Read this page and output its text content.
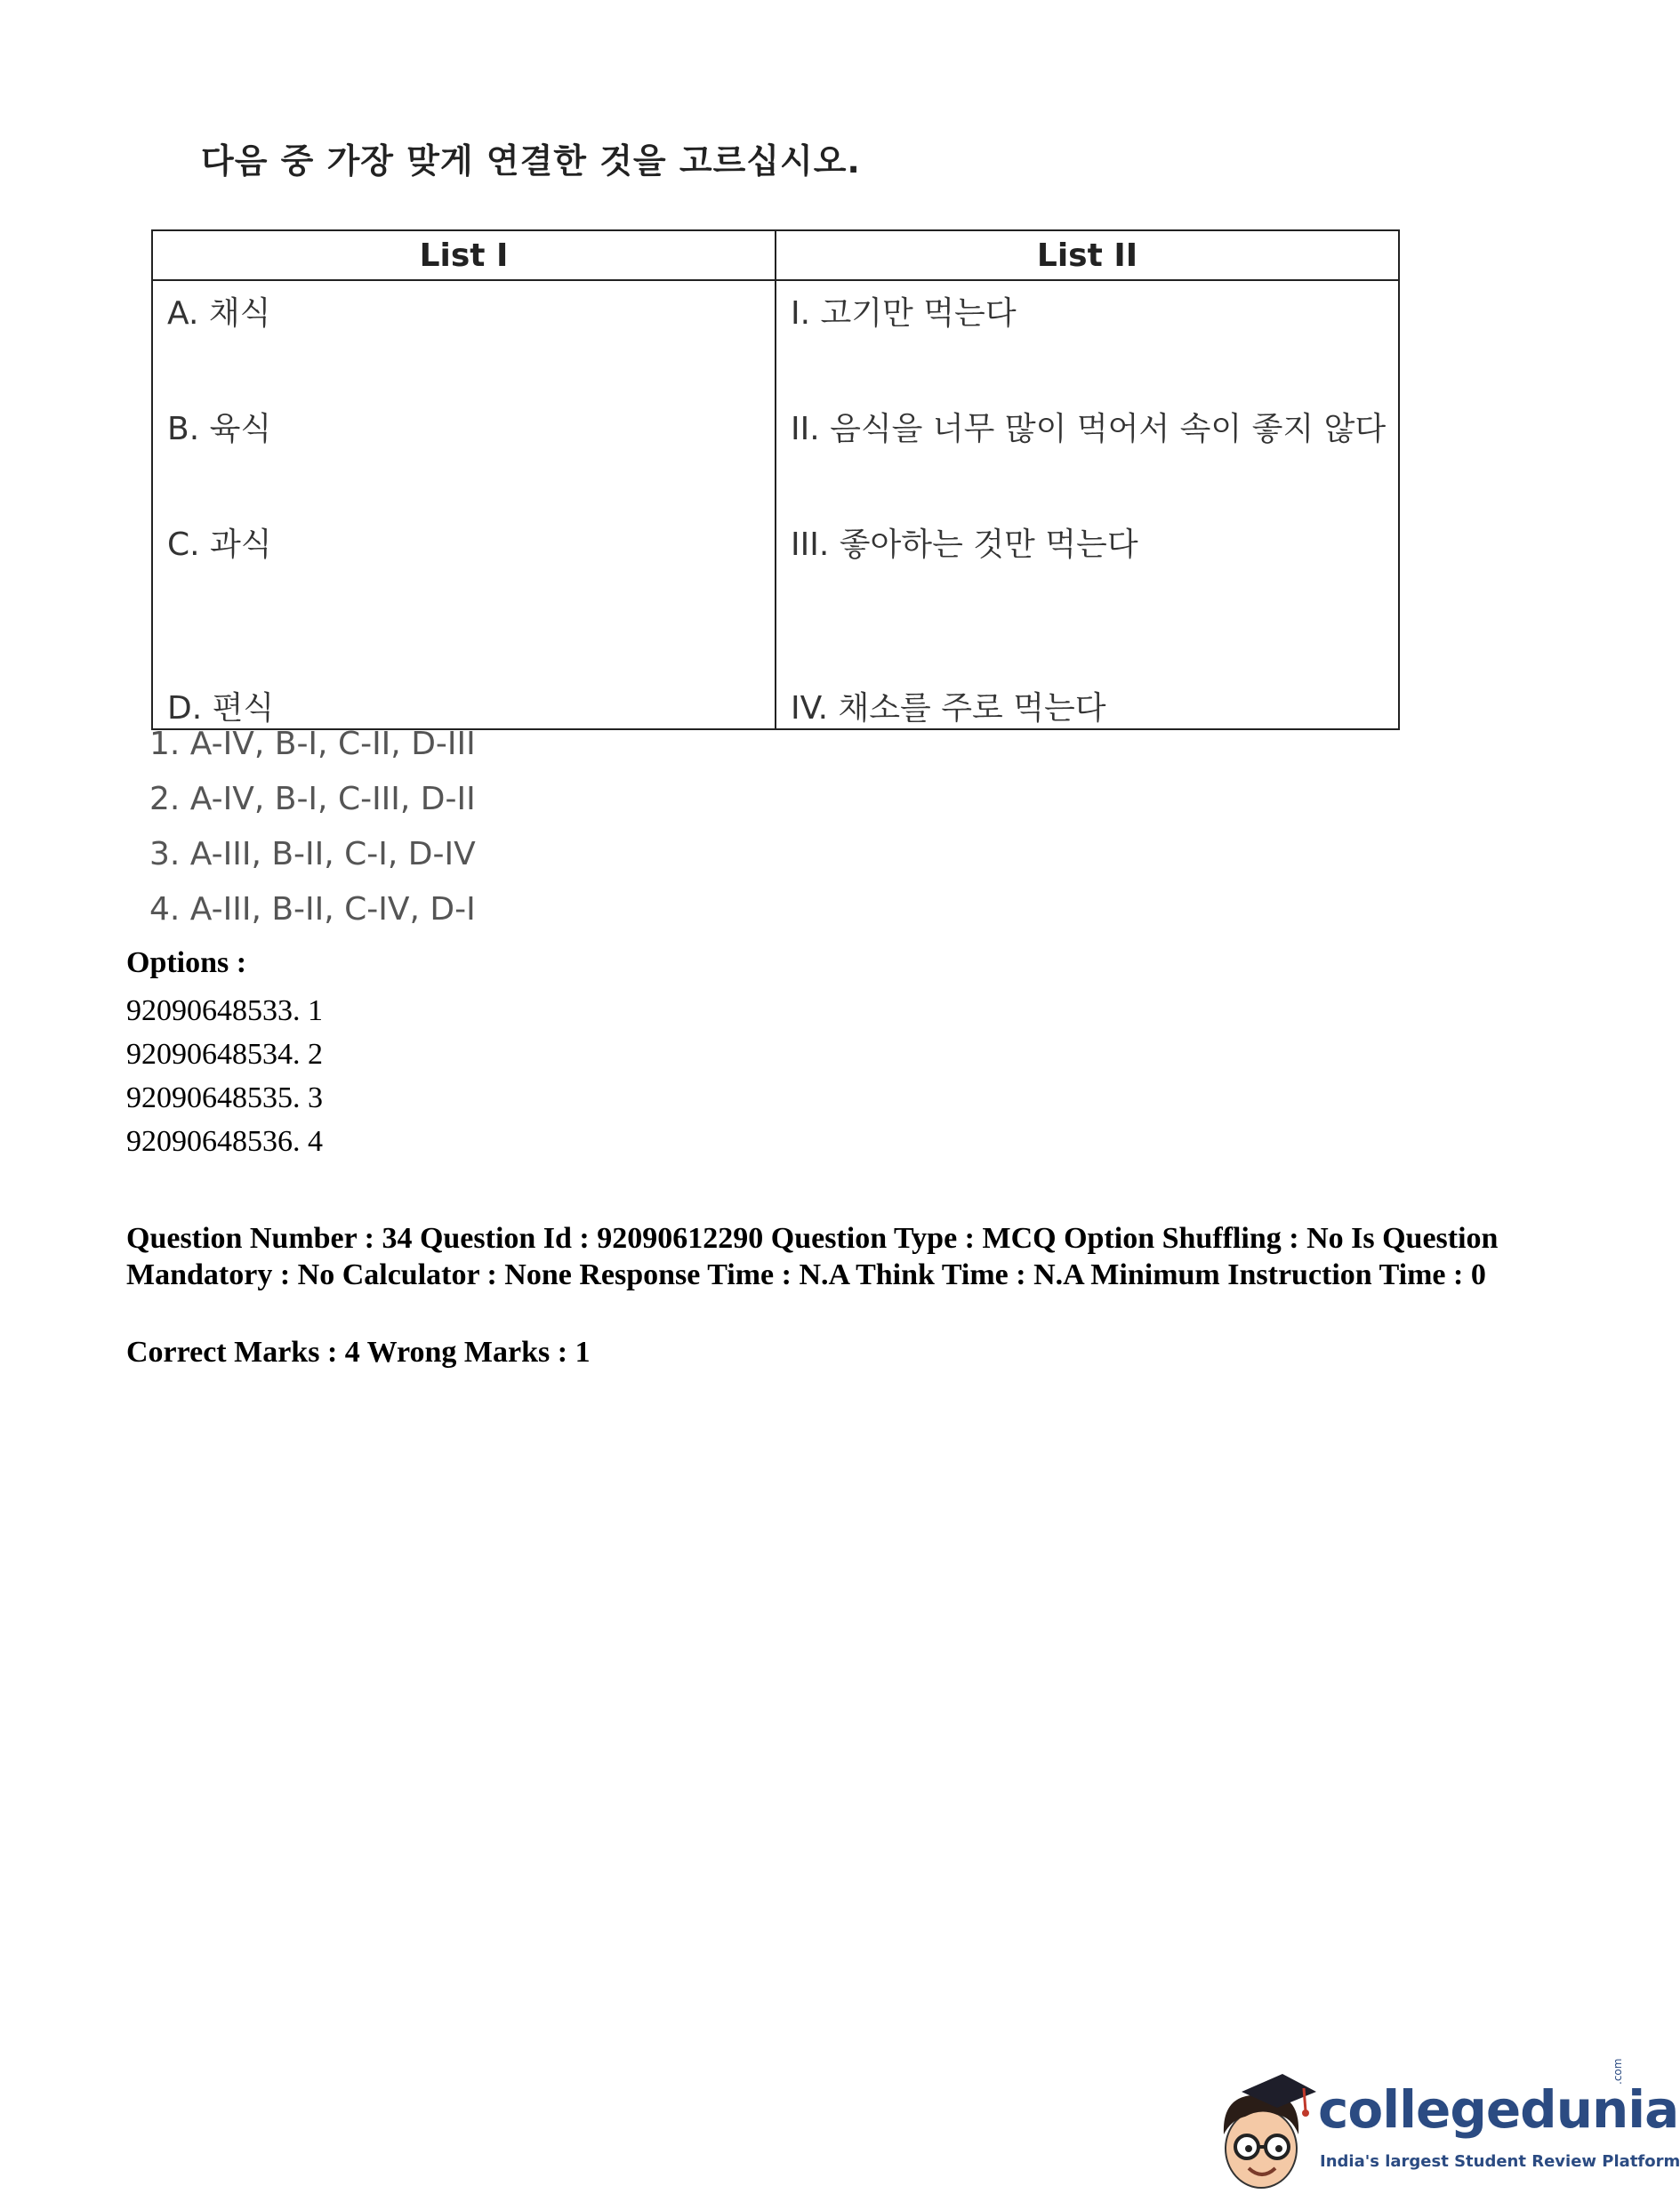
다음 중 가장 맞게 연결한 것을 고르십시오.
List I	List II
A. 채식	I. 고기만 먹는다
B. 육식	II. 음식을 너무 많이 먹어서 속이 좋지 않다
C. 과식	III. 좋아하는 것만 먹는다
D. 편식	IV. 채소를 주로 먹는다
1. A-IV, B-I, C-II, D-III
2. A-IV, B-I, C-III, D-II
3. A-III, B-II, C-I, D-IV
4. A-III, B-II, C-IV, D-I
Options :
92090648533. 1
92090648534. 2
92090648535. 3
92090648536. 4
Question Number : 34 Question Id : 92090612290 Question Type : MCQ Option Shuffling : No Is Question Mandatory : No Calculator : None Response Time : N.A Think Time : N.A Minimum Instruction Time : 0
Correct Marks : 4 Wrong Marks : 1
collegedunia
.com
India's largest Student Review Platform
